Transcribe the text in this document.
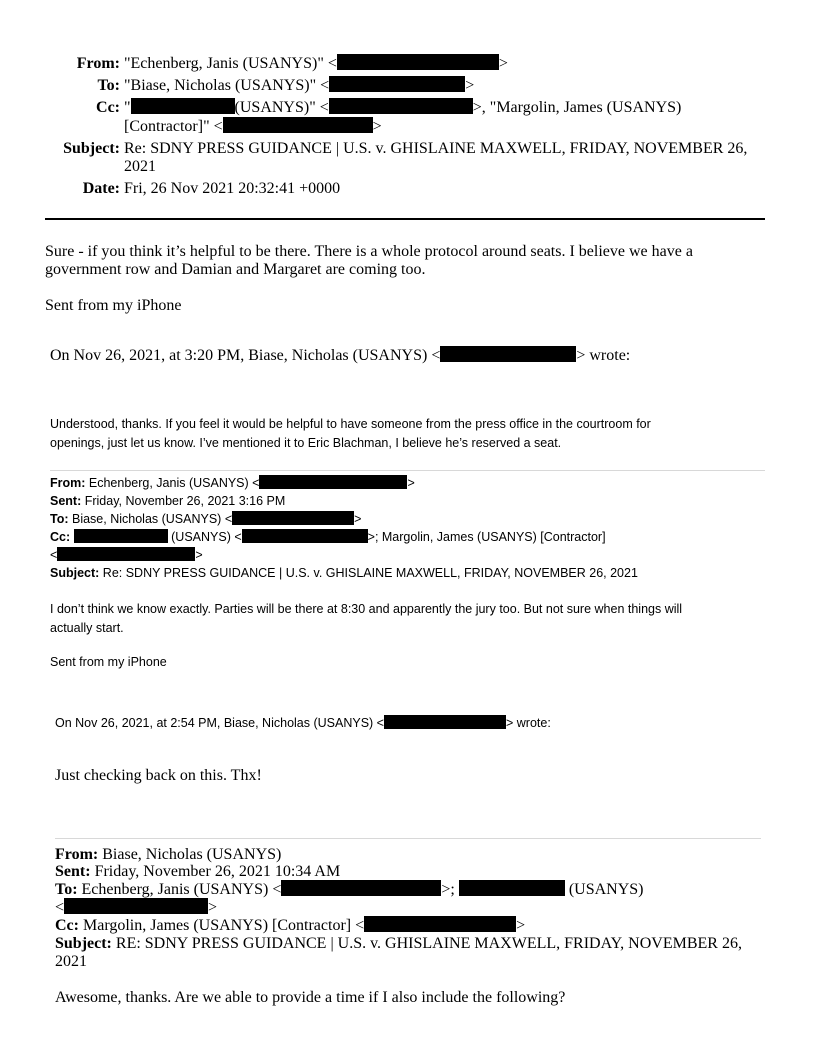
From: "Echenberg, Janis (USANYS)" <	>
To: "Biase, Nicholas (USANYS)" <	>
Cc: "	(USANYS)" <	>, "Margolin, James (USANYS)
[Contractor]" <	>
Subject: Re: SDNY PRESS GUIDANCE | U.S. v. GHISLAINE MAXWELL, FRIDAY, NOVEMBER 26,
2021
Date: Fri, 26 Nov 2021 20:32:41 +0000
Sure - if you think it’s helpful to be there. There is a whole protocol around seats. I believe we have a
government row and Damian and Margaret are coming too.
Sent from my iPhone
On Nov 26, 2021, at 3:20 PM, Biase, Nicholas (USANYS) <	> wrote:
Understood, thanks. If you feel it would be helpful to have someone from the press office in the courtroom for
openings, just let us know. I’ve mentioned it to Eric Blachman, I believe he’s reserved a seat.
From: Echenberg, Janis (USANYS) <	>
Sent: Friday, November 26, 2021 3:16 PM
To: Biase, Nicholas (USANYS) <	>
Cc:	(USANYS) <	>; Margolin, James (USANYS) [Contractor]
<	>
Subject: Re: SDNY PRESS GUIDANCE | U.S. v. GHISLAINE MAXWELL, FRIDAY, NOVEMBER 26, 2021
I don’t think we know exactly. Parties will be there at 8:30 and apparently the jury too. But not sure when things will
actually start.
Sent from my iPhone
On Nov 26, 2021, at 2:54 PM, Biase, Nicholas (USANYS) <	> wrote:
Just checking back on this. Thx!
From: Biase, Nicholas (USANYS)
Sent: Friday, November 26, 2021 10:34 AM
To: Echenberg, Janis (USANYS) <	>;	(USANYS)
<	>
Cc: Margolin, James (USANYS) [Contractor] <	>
Subject: RE: SDNY PRESS GUIDANCE | U.S. v. GHISLAINE MAXWELL, FRIDAY, NOVEMBER 26,
2021
Awesome, thanks. Are we able to provide a time if I also include the following?
